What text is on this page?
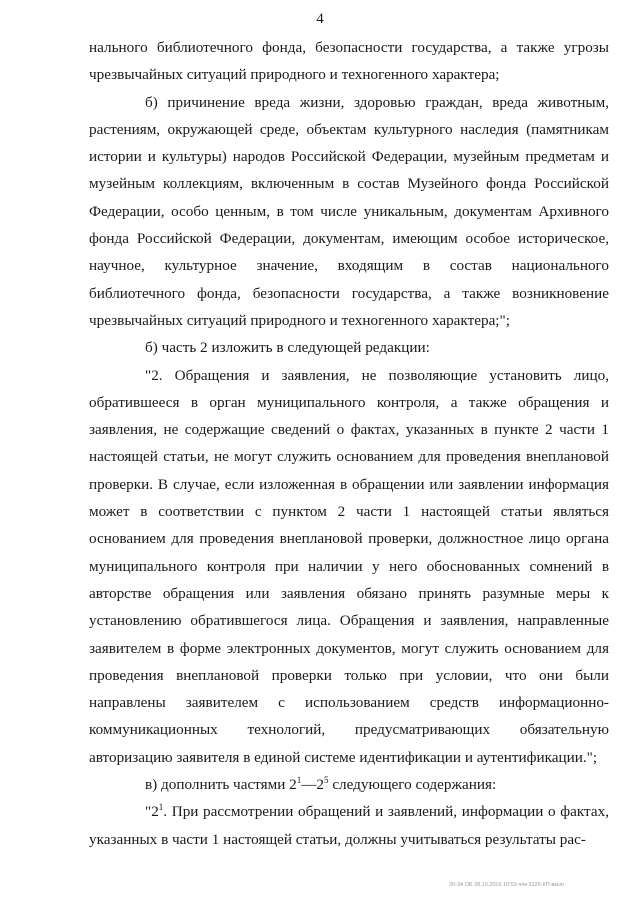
4

нального библиотечного фонда, безопасности государства, а также угрозы чрезвычайных ситуаций природного и техногенного характера;

б) причинение вреда жизни, здоровью граждан, вреда животным, растениям, окружающей среде, объектам культурного наследия (памятникам истории и культуры) народов Российской Федерации, музейным предметам и музейным коллекциям, включенным в состав Музейного фонда Российской Федерации, особо ценным, в том числе уникальным, документам Архивного фонда Российской Федерации, документам, имеющим особое историческое, научное, культурное значение, входящим в состав национального библиотечного фонда, безопасности государства, а также возникновение чрезвычайных ситуаций природного и техногенного характера;";

б) часть 2 изложить в следующей редакции:

"2. Обращения и заявления, не позволяющие установить лицо, обратившееся в орган муниципального контроля, а также обращения и заявления, не содержащие сведений о фактах, указанных в пункте 2 части 1 настоящей статьи, не могут служить основанием для проведения внеплановой проверки. В случае, если изложенная в обращении или заявлении информация может в соответствии с пунктом 2 части 1 настоящей статьи являться основанием для проведения внеплановой проверки, должностное лицо органа муниципального контроля при наличии у него обоснованных сомнений в авторстве обращения или заявления обязано принять разумные меры к установлению обратившегося лица. Обращения и заявления, направленные заявителем в форме электронных документов, могут служить основанием для проведения внеплановой проверки только при условии, что они были направлены заявителем с использованием средств информационно-коммуникационных технологий, предусматривающих обязательную авторизацию заявителя в единой системе идентификации и аутентификации.";

в) дополнить частями $2^1—2^5$ следующего содержания:

"$2^1$. При рассмотрении обращений и заявлений, информации о фактах, указанных в части 1 настоящей статьи, должны учитываться результаты рас-

20-34 ОБ 28.10.2016 10:53 п/м-3126-КП-вкып
